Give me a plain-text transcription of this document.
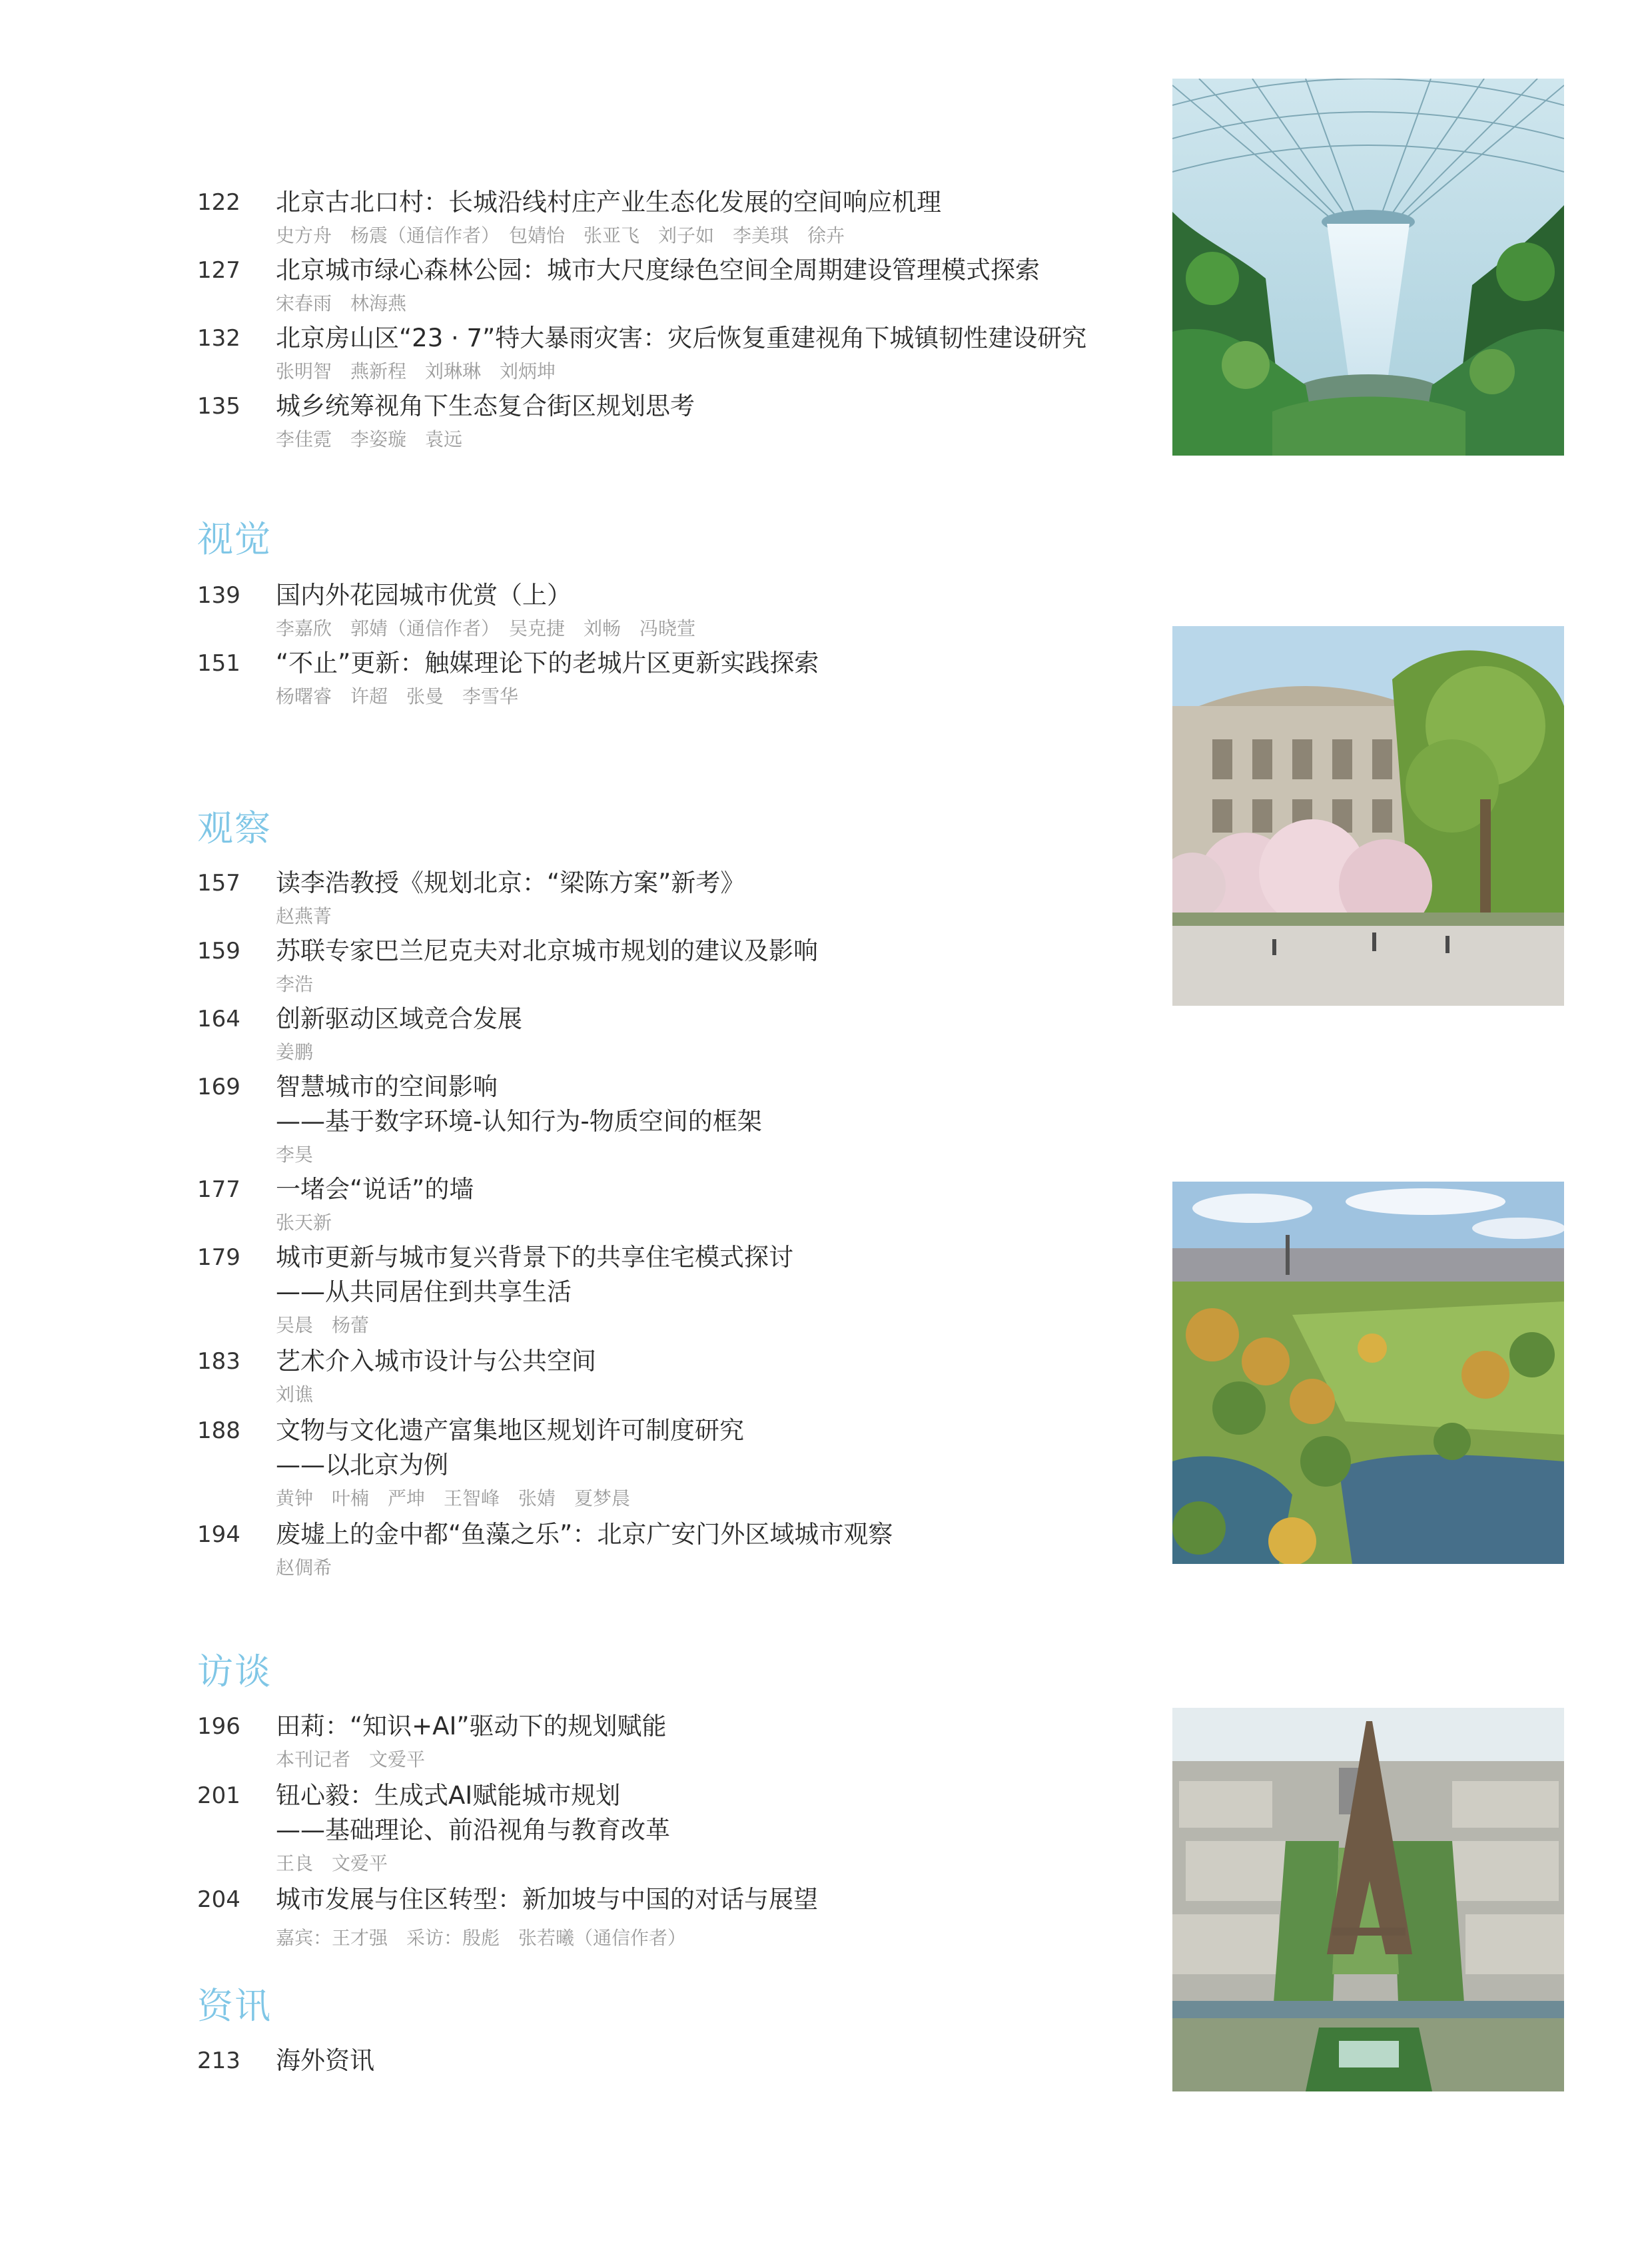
122	北京古北口村：长城沿线村庄产业生态化发展的空间响应机理
史方舟　杨震（通信作者）　包婧怡　张亚飞　刘子如　李美琪　徐卉
127	北京城市绿心森林公园：城市大尺度绿色空间全周期建设管理模式探索
宋春雨　林海燕
132	北京房山区“23 · 7”特大暴雨灾害：灾后恢复重建视角下城镇韧性建设研究
张明智　燕新程　刘琳琳　刘炳坤
135	城乡统筹视角下生态复合街区规划思考
李佳霓　李姿璇　袁远
视觉
139	国内外花园城市优赏（上）
李嘉欣　郭婧（通信作者）　吴克捷　刘畅　冯晓萱
151	“不止”更新：触媒理论下的老城片区更新实践探索
杨曙睿　许超　张曼　李雪华
观察
157	读李浩教授《规划北京：“梁陈方案”新考》
赵燕菁
159	苏联专家巴兰尼克夫对北京城市规划的建议及影响
李浩
164	创新驱动区域竞合发展
姜鹏
169	智慧城市的空间影响
——基于数字环境-认知行为-物质空间的框架
李昊
177	一堵会“说话”的墙
张天新
179	城市更新与城市复兴背景下的共享住宅模式探讨
——从共同居住到共享生活
吴晨　杨蕾
183	艺术介入城市设计与公共空间
刘谯
188	文物与文化遗产富集地区规划许可制度研究
——以北京为例
黄钟　叶楠　严坤　王智峰　张婧　夏梦晨
194	废墟上的金中都“鱼藻之乐”：北京广安门外区域城市观察
赵倜希
访谈
196	田莉：“知识+AI”驱动下的规划赋能
本刊记者　文爱平
201	钮心毅：生成式AI赋能城市规划
——基础理论、前沿视角与教育改革
王良　文爱平
204	城市发展与住区转型：新加坡与中国的对话与展望
嘉宾：王才强　采访：殷彪　张若曦（通信作者）
资讯
213	海外资讯
